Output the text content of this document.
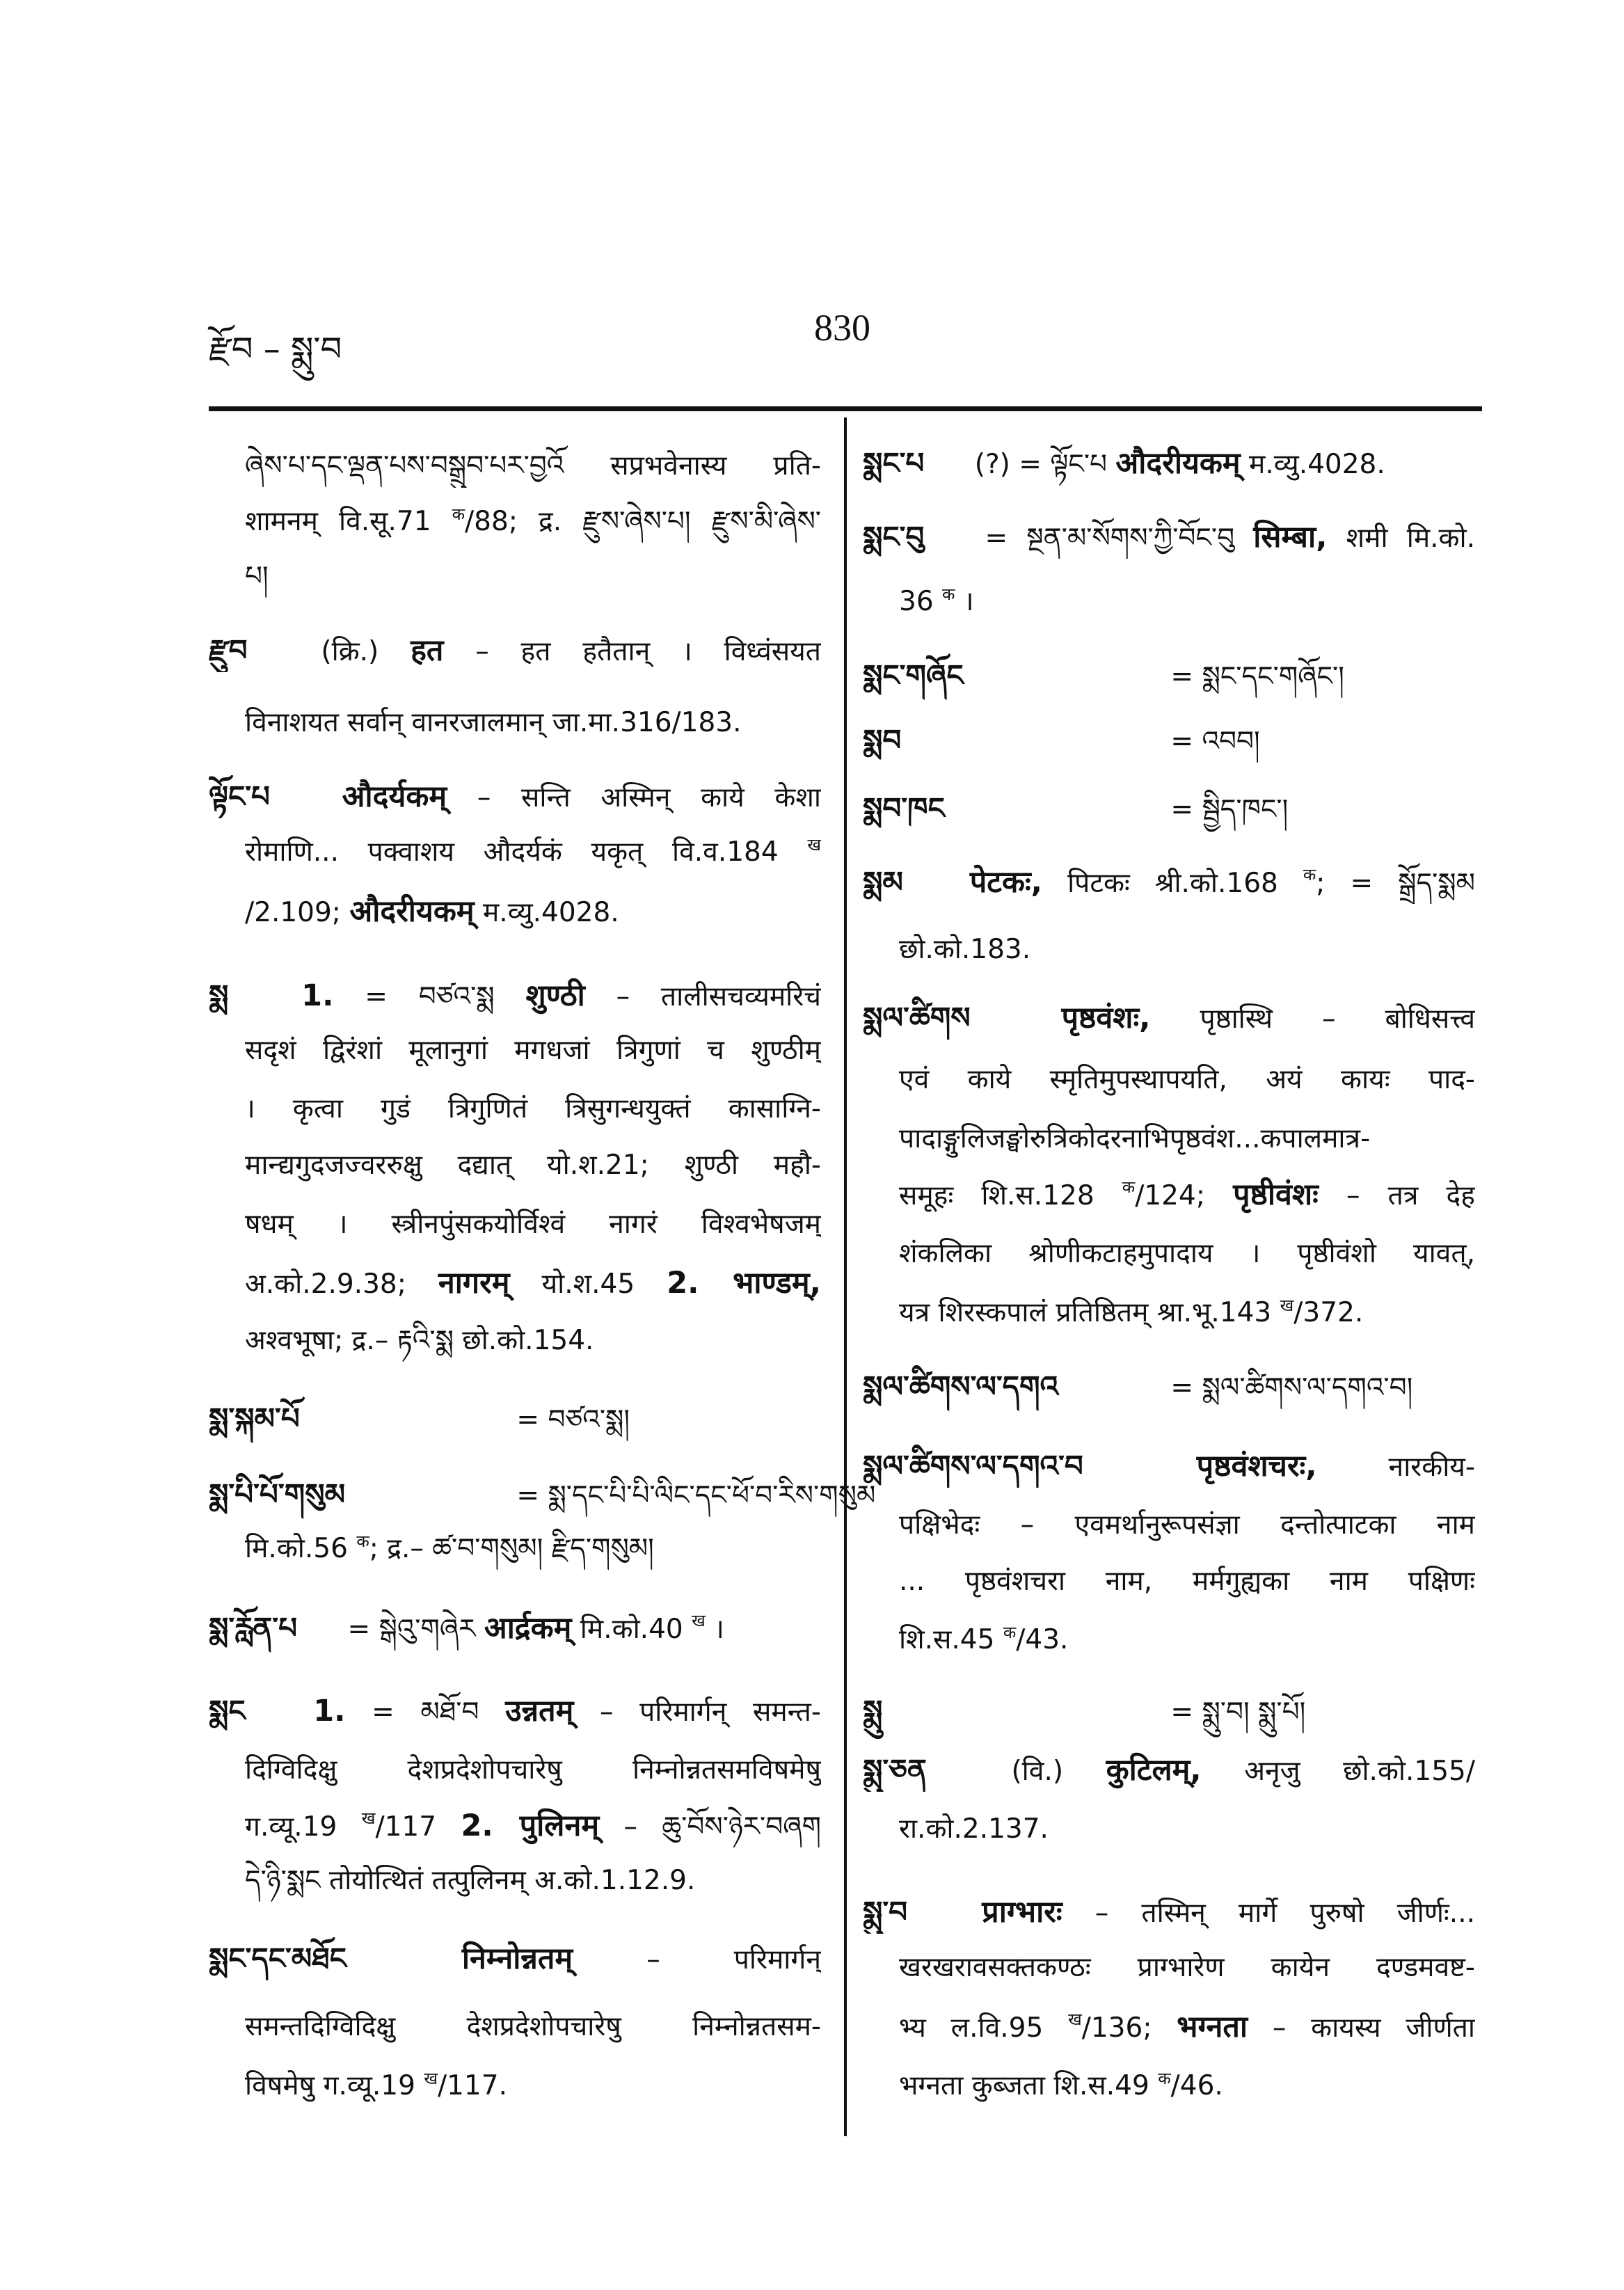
རྫོབ – སྨུ་བ
830
ཞེས་པ་དང་ལྡན་པས་བསྒྲུབ་པར་བྱའོ सप्रभवेनास्य प्रति-
शामनम् वि.सू.71 $^क$/88; द्र. རྫུས་ཞེས་པ། རྫུས་མི་ཞེས་
པ།
རྫུབ	(क्रि.) हत – हत हतैतान् । विध्वंसयत
विनाशयत सर्वान् वानरजालमान् जा.मा.316/183.
ལྟོང་པ औदर्यकम् – सन्ति अस्मिन् काये केशा
रोमाणि... पक्वाशय औदर्यकं यकृत् वि.व.184 $^ख$
/2.109; औदरीयकम् म.व्यु.4028.
སྨ 1. = བཙའ་སྨ शुण्ठी – तालीसचव्यमरिचं
सदृशं द्विरंशां मूलानुगां मगधजां त्रिगुणां च शुण्ठीम्
। कृत्वा गुडं त्रिगुणितं त्रिसुगन्धयुक्तं कासाग्नि-
मान्द्यगुदजज्वररुक्षु दद्यात् यो.श.21; शुण्ठी महौ-
षधम् । स्त्रीनपुंसकयोर्विश्वं नागरं विश्वभेषजम्
अ.को.2.9.38; नागरम् यो.श.45 2. भाण्डम्,
अश्वभूषा; द्र.– རྟའི་སྨ छो.को.154.
སྨ་སྐམ་པོ	= བཙའ་སྨ།
སྨ་པི་པོ་གསུམ	= སྨ་དང་པི་པི་ལིང་དང་ཕོ་བ་རིས་གསུམ
मि.को.56 $^क$; द्र.– ཚ་བ་གསུམ། རྫིད་གསུམ།
སྨ་རློན་པ = སྒེའུ་གཞེར आर्द्रकम् मि.को.40 $^ख$ ।
སྨང 1. = མཐོ་བ उन्नतम् – परिमार्गन् समन्त-
दिग्विदिक्षु देशप्रदेशोपचारेषु निम्नोन्नतसमविषमेषु
ग.व्यू.19 $^ख$/117 2. पुलिनम् – ཆུ་བོས་ཉེར་བཞག
དེ་ཉི་སྨང तोयोत्थितं तत्पुलिनम् अ.को.1.12.9.
སྨང་དང་མཐོང	निम्नोन्नतम्	– परिमार्गन्
समन्तदिग्विदिक्षु देशप्रदेशोपचारेषु निम्नोन्नतसम-
विषमेषु ग.व्यू.19 $^ख$/117.
སྨང་པ (?) = ལྟོང་པ औदरीयकम् म.व्यु.4028.
སྨང་བུ = སྔན་མ་སོགས་ཀྱི་བོང་བུ सिम्बा, शमी मि.को.
36 $^क$ ।
སྨང་གཞོང	= སྨང་དང་གཞོང་།
སྨབ	= འབབ།
སྨབ་ཁང	= སྦྱིད་ཁང་།
སྨམ पेटकः, पिटकः श्री.को.168 $^क$; = སྒྲོད་སྨམ
छो.को.183.
སྨལ་ཚིགས	पृष्ठवंशः, पृष्ठास्थि – बोधिसत्त्व
एवं काये स्मृतिमुपस्थापयति, अयं कायः पाद-
पादाङ्गुलिजङ्घोरुत्रिकोदरनाभिपृष्ठवंश...कपालमात्र-
समूहः शि.स.128 $^क$/124; पृष्ठीवंशः – तत्र देह
शंकलिका श्रोणीकटाहमुपादाय । पृष्ठीवंशो यावत्,
यत्र शिरस्कपालं प्रतिष्ठितम् श्रा.भू.143 $^ख$/372.
སྨལ་ཚིགས་ལ་དགའ	= སྨལ་ཚིགས་ལ་དགའ་བ།
སྨལ་ཚིགས་ལ་དགའ་བ	पृष्ठवंशचरः,	नारकीय-
पक्षिभेदः – एवमर्थानुरूपसंज्ञा दन्तोत्पाटका नाम
... पृष्ठवंशचरा नाम, मर्मगुह्यका नाम पक्षिणः
शि.स.45 $^क$/43.
སྨུ	= སྨུ་བ། སྨུ་པོ།
སྨུ་ཅན	(वि.) कुटिलम्, अनृजु छो.को.155/
रा.को.2.137.
སྨུ་བ प्राग्भारः – तस्मिन् मार्गे पुरुषो जीर्णः...
खरखरावसक्तकण्ठः प्राग्भारेण कायेन दण्डमवष्ट-
भ्य ल.वि.95 $^ख$/136; भग्नता – कायस्य जीर्णता
भग्नता कुब्जता शि.स.49 $^क$/46.
